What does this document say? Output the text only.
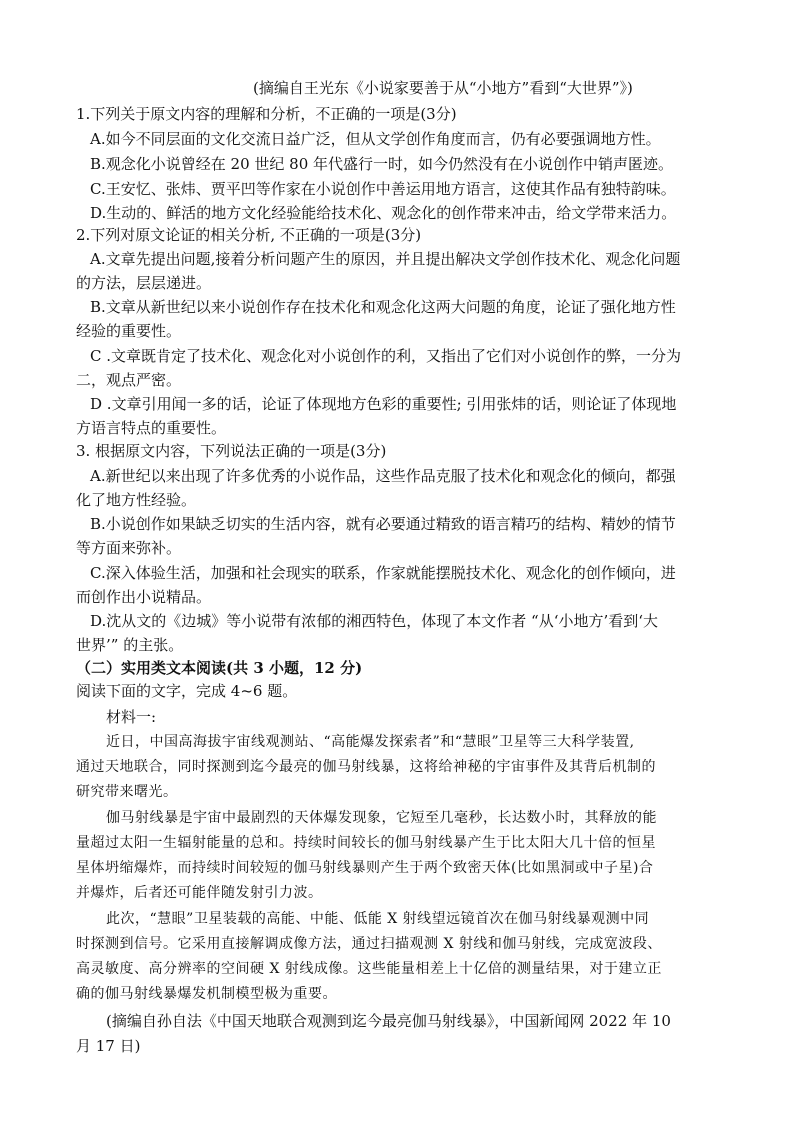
(摘编自王光东《小说家要善于从“小地方”看到“大世界”》)
1.下列关于原文内容的理解和分析，不正确的一项是(3分)
A.如今不同层面的文化交流日益广泛，但从文学创作角度而言，仍有必要强调地方性。
B.观念化小说曾经在 20 世纪 80 年代盛行一时，如今仍然没有在小说创作中销声匿迹。
C.王安忆、张炜、贾平凹等作家在小说创作中善运用地方语言，这使其作品有独特韵味。
D.生动的、鲜活的地方文化经验能给技术化、观念化的创作带来冲击，给文学带来活力。
2.下列对原文论证的相关分析, 不正确的一项是(3分)
A.文章先提出问题,接着分析问题产生的原因，并且提出解决文学创作技术化、观念化问题
的方法，层层递进。
B.文章从新世纪以来小说创作存在技术化和观念化这两大问题的角度，论证了强化地方性
经验的重要性。
C .文章既肯定了技术化、观念化对小说创作的利，又指出了它们对小说创作的弊，一分为
二，观点严密。
D .文章引用闻一多的话，论证了体现地方色彩的重要性; 引用张炜的话，则论证了体现地
方语言特点的重要性。
3. 根据原文内容，下列说法正确的一项是(3分)
A.新世纪以来出现了许多优秀的小说作品，这些作品克服了技术化和观念化的倾向，都强
化了地方性经验。
B.小说创作如果缺乏切实的生活内容，就有必要通过精致的语言精巧的结构、精妙的情节
等方面来弥补。
C.深入体验生活，加强和社会现实的联系，作家就能摆脱技术化、观念化的创作倾向，进
而创作出小说精品。
D.沈从文的《边城》等小说带有浓郁的湘西特色，体现了本文作者 “从‘小地方’看到‘大
世界’” 的主张。
（二）实用类文本阅读(共 3 小题，12 分)
阅读下面的文字，完成 4~6 题。
材料一:
近日，中国高海拔宇宙线观测站、“高能爆发探索者”和“慧眼”卫星等三大科学装置,
通过天地联合，同时探测到迄今最亮的伽马射线暴，这将给神秘的宇宙事件及其背后机制的
研究带来曙光。
伽马射线暴是宇宙中最剧烈的天体爆发现象，它短至几毫秒，长达数小时，其释放的能
量超过太阳一生辐射能量的总和。持续时间较长的伽马射线暴产生于比太阳大几十倍的恒星
星体坍缩爆炸，而持续时间较短的伽马射线暴则产生于两个致密天体(比如黑洞或中子星)合
并爆炸，后者还可能伴随发射引力波。
此次，“慧眼”卫星装载的高能、中能、低能 X 射线望远镜首次在伽马射线暴观测中同
时探测到信号。它采用直接解调成像方法，通过扫描观测 X 射线和伽马射线，完成宽波段、
高灵敏度、高分辨率的空间硬 X 射线成像。这些能量相差上十亿倍的测量结果，对于建立正
确的伽马射线暴爆发机制模型极为重要。
(摘编自孙自法《中国天地联合观测到迄今最亮伽马射线暴》，中国新闻网 2022 年 10
月 17 日)
